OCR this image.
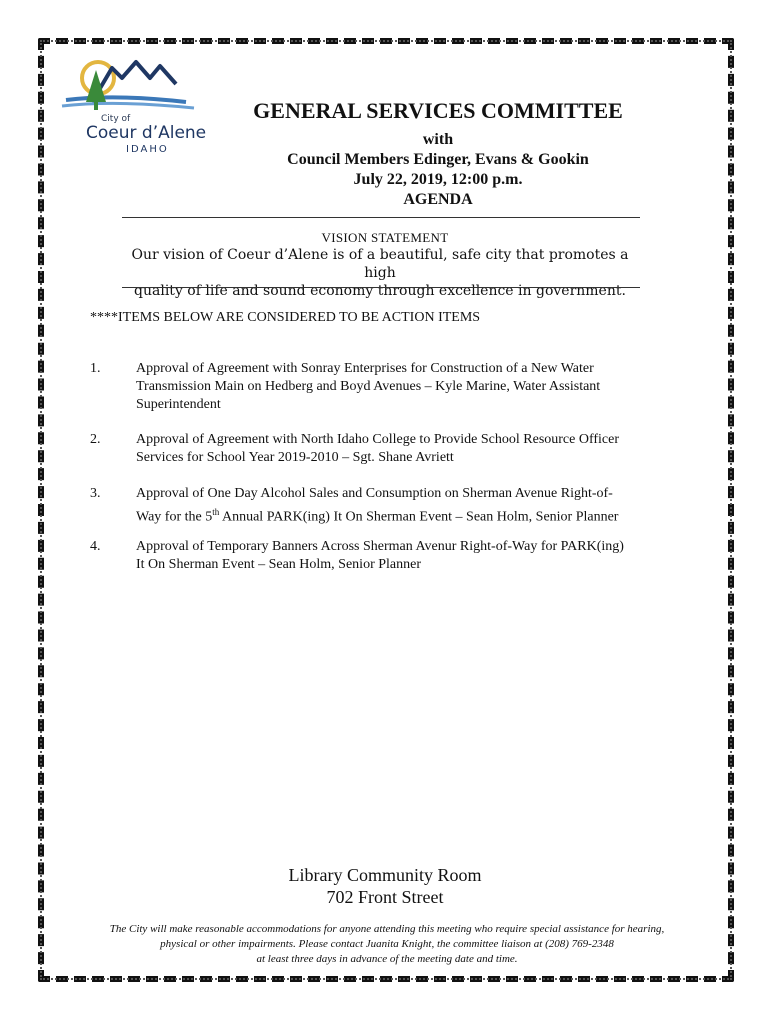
City of
Coeur d’Alene
IDAHO
GENERAL SERVICES COMMITTEE
with
Council Members Edinger, Evans & Gookin
July 22, 2019, 12:00 p.m.
AGENDA
VISION STATEMENT
Our vision of Coeur d’Alene is of a beautiful, safe city that promotes a high
quality of life and sound economy through excellence in government.
****ITEMS BELOW ARE CONSIDERED TO BE ACTION ITEMS
1.	Approval of Agreement with Sonray Enterprises for Construction of a New Water
Transmission Main on Hedberg and Boyd Avenues – Kyle Marine, Water Assistant
Superintendent
2.	Approval of Agreement with North Idaho College to Provide School Resource Officer
Services for School Year 2019-2010 – Sgt. Shane Avriett
3.	Approval of One Day Alcohol Sales and Consumption on Sherman Avenue Right-of-
Way for the 5th Annual PARK(ing) It On Sherman Event – Sean Holm, Senior Planner
4.	Approval of Temporary Banners Across Sherman Avenur Right-of-Way for PARK(ing)
It On Sherman Event – Sean Holm, Senior Planner
Library Community Room
702 Front Street
The City will make reasonable accommodations for anyone attending this meeting who require special assistance for hearing,
physical or other impairments. Please contact Juanita Knight, the committee liaison at (208) 769-2348
at least three days in advance of the meeting date and time.
